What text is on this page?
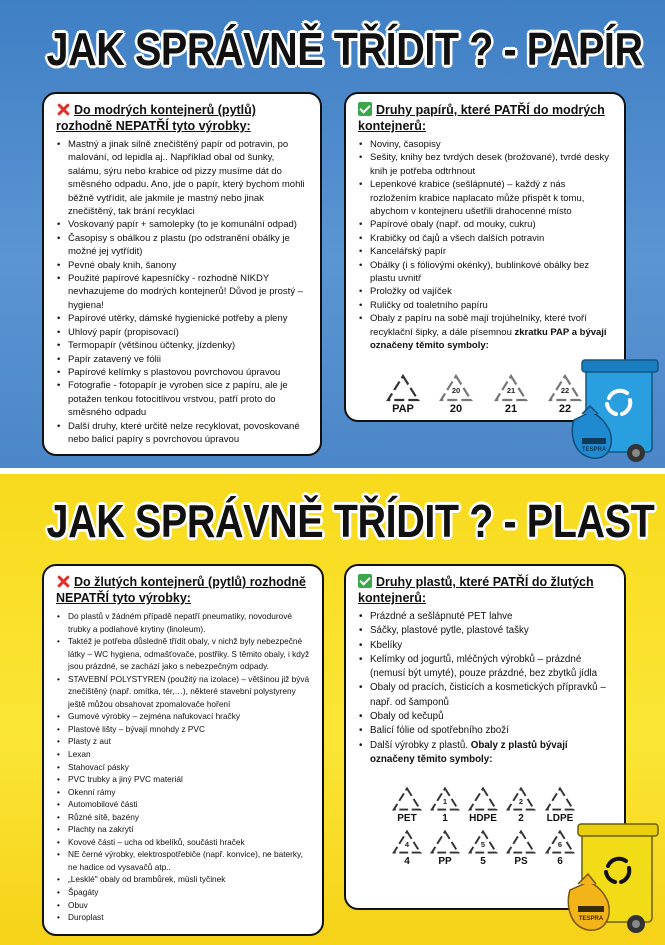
JAK SPRÁVNĚ TŘÍDIT ? - PAPÍR
Do modrých kontejnerů (pytlů) rozhodně NEPATŘÍ tyto výrobky:
• Mastný a jinak silně znečištěný papír od potravin, po malování, od lepidla aj.. Například obal od šunky, salámu, sýru nebo krabice od pizzy musíme dát do směsného odpadu. Ano, jde o papír, který bychom mohli běžně vytřídit, ale jakmile je mastný nebo jinak znečištěný, tak brání recyklaci
• Voskovaný papír + samolepky (to je komunální odpad)
• Časopisy s obálkou z plastu (po odstranění obálky je možné jej vytřídit)
• Pevné obaly knih, šanony
• Použité papírové kapesníčky - rozhodně NIKDY nevhazujeme do modrých kontejnerů! Důvod je prostý – hygiena!
• Papírové utěrky, dámské hygienické potřeby a pleny
• Uhlový papír (propisovací)
• Termopapír (většinou účtenky, jízdenky)
• Papír zatavený ve fólii
• Papírové kelímky s plastovou povrchovou úpravou
• Fotografie - fotopapír je vyroben sice z papíru, ale je potažen tenkou fotocitlivou vrstvou, patří proto do směsného odpadu
• Další druhy, které určitě nelze recyklovat, povoskované nebo balicí papíry s povrchovou úpravou
Druhy papírů, které PATŘÍ do modrých kontejnerů:
• Noviny, časopisy
• Sešity, knihy bez tvrdých desek (brožované), tvrdé desky knih je potřeba odtrhnout
• Lepenkové krabice (sešlápnuté) – každý z nás rozložením krabice naplacato může přispět k tomu, abychom v kontejneru ušetřili drahocenné místo
• Papírové obaly (např. od mouky, cukru)
• Krabičky od čajů a všech dalších potravin
• Kancelářský papír
• Obálky (i s fóliovými okénky), bublinkové obálky bez plastu uvnitř
• Proložky od vajíček
• Ruličky od toaletního papíru
• Obaly z papíru na sobě mají trojúhelníky, které tvoří recyklační šipky, a dále písemnou zkratku PAP a bývají označeny těmito symboly:
PAP
20
20
21
21
22
22
TESPRA
JAK SPRÁVNĚ TŘÍDIT ? - PLAST
Do žlutých kontejnerů (pytlů) rozhodně NEPATŘÍ tyto výrobky:
• Do plastů v žádném případě nepatří pneumatiky, novodurové trubky a podlahové krytiny (linoleum).
• Taktéž je potřeba důsledně třídit obaly, v nichž byly nebezpečné látky – WC hygiena, odmašťovače, postřiky. S těmito obaly, i když jsou prázdné, se zachází jako s nebezpečným odpady.
• STAVEBNÍ POLYSTYREN (použitý na izolace) – většinou již bývá znečištěný (např. omítka, tér,…), některé stavební polystyreny ještě můžou obsahovat zpomalovače hoření
• Gumové výrobky – zejména nafukovací hračky
• Plastové lišty – bývají mnohdy z PVC
• Plasty z aut
• Lexan
• Stahovací pásky
• PVC trubky a jiný PVC materiál
• Okenní rámy
• Automobilové části
• Různé sítě, bazény
• Plachty na zakrytí
• Kovové části – ucha od kbelíků, součásti hraček
• NE černé výrobky, elektrospotřebiče (např. konvice), ne baterky, ne hadice od vysavačů atp..
• „Lesklé" obaly od brambůrek, müsli tyčinek
• Špagáty
• Obuv
• Duroplast
Druhy plastů, které PATŘÍ do žlutých kontejnerů:
• Prázdné a sešlápnuté PET lahve
• Sáčky, plastové pytle, plastové tašky
• Kbelíky
• Kelímky od jogurtů, mléčných výrobků – prázdné (nemusí být umyté), pouze prázdné, bez zbytků jídla
• Obaly od pracích, čisticích a kosmetických přípravků – např. od šamponů
• Obaly od kečupů
• Balicí fólie od spotřebního zboží
• Další výrobky z plastů. Obaly z plastů bývají označeny těmito symboly:
PET
1
1	HDPE
2
2	LDPE
4
4	PP
5
5	PS
6
6
TESPRA
